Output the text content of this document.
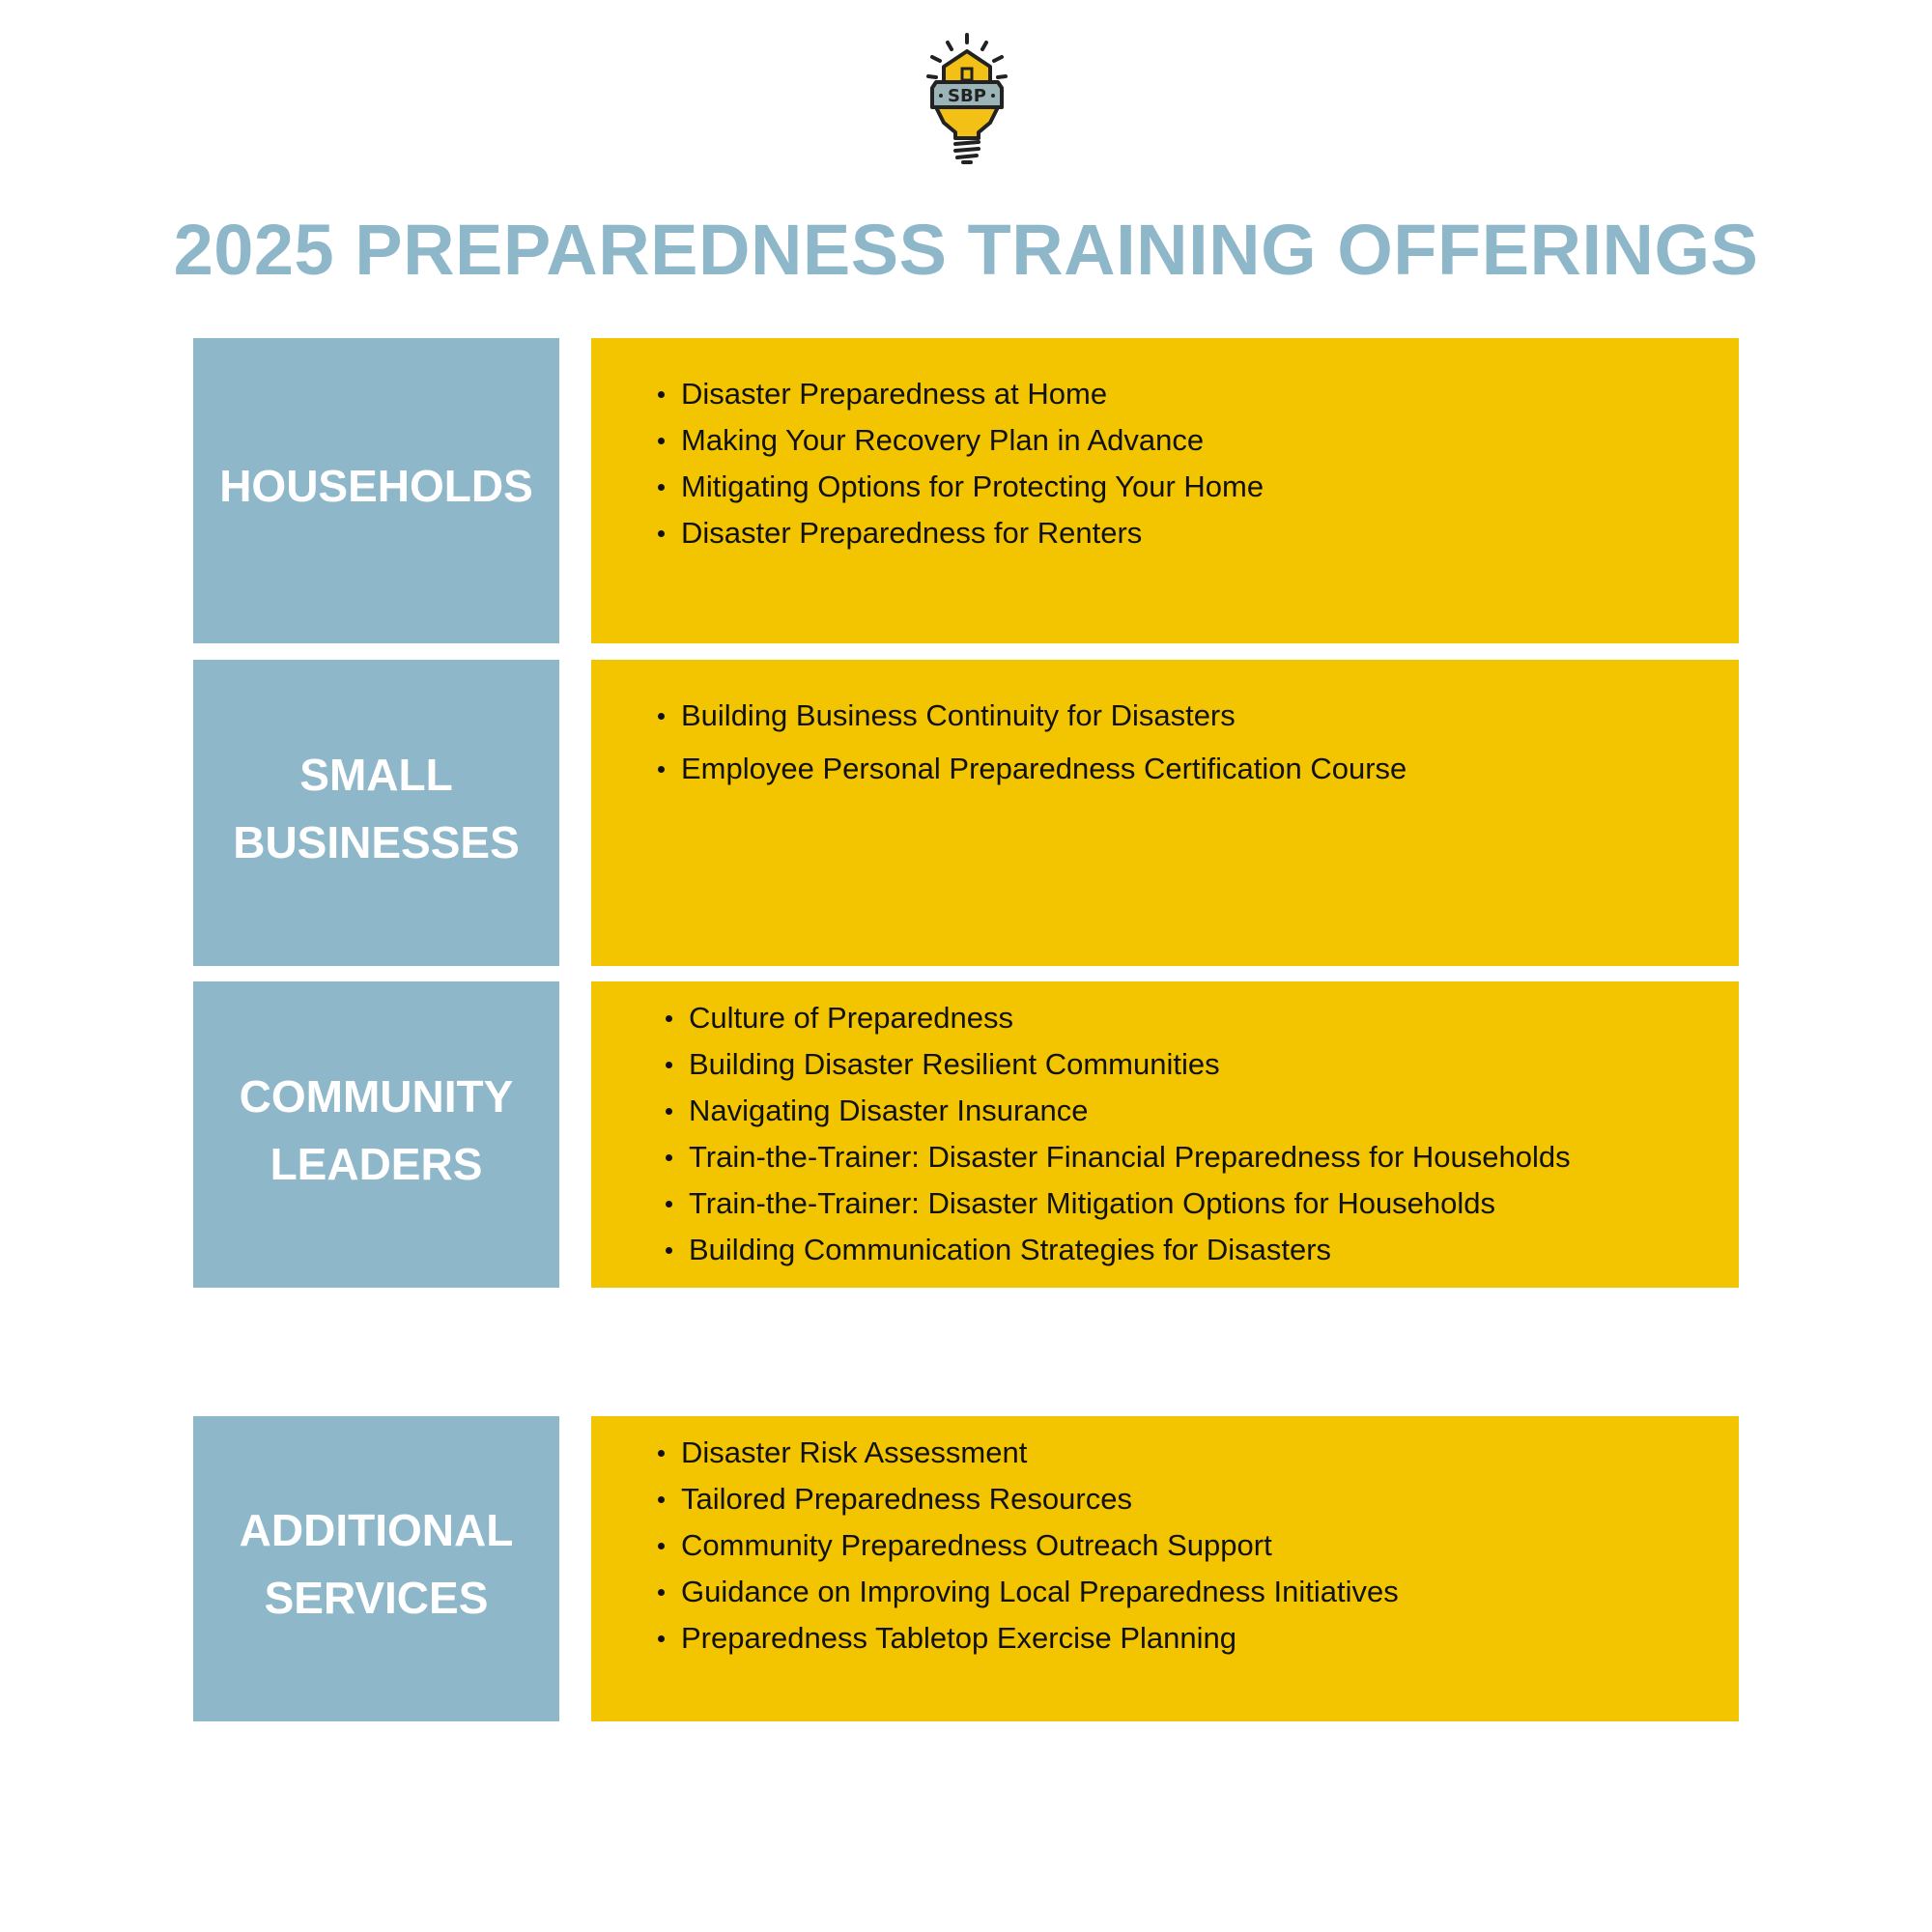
SBP
2025 PREPAREDNESS TRAINING OFFERINGS
HOUSEHOLDS
Disaster Preparedness at Home
Making Your Recovery Plan in Advance
Mitigating Options for Protecting Your Home
Disaster Preparedness for Renters
SMALL
BUSINESSES
Building Business Continuity for Disasters
Employee Personal Preparedness Certification Course
COMMUNITY
LEADERS
Culture of Preparedness
Building Disaster Resilient Communities
Navigating Disaster Insurance
Train-the-Trainer: Disaster Financial Preparedness for Households
Train-the-Trainer: Disaster Mitigation Options for Households
Building Communication Strategies for Disasters
ADDITIONAL
SERVICES
Disaster Risk Assessment
Tailored Preparedness Resources
Community Preparedness Outreach Support
Guidance on Improving Local Preparedness Initiatives
Preparedness Tabletop Exercise Planning
